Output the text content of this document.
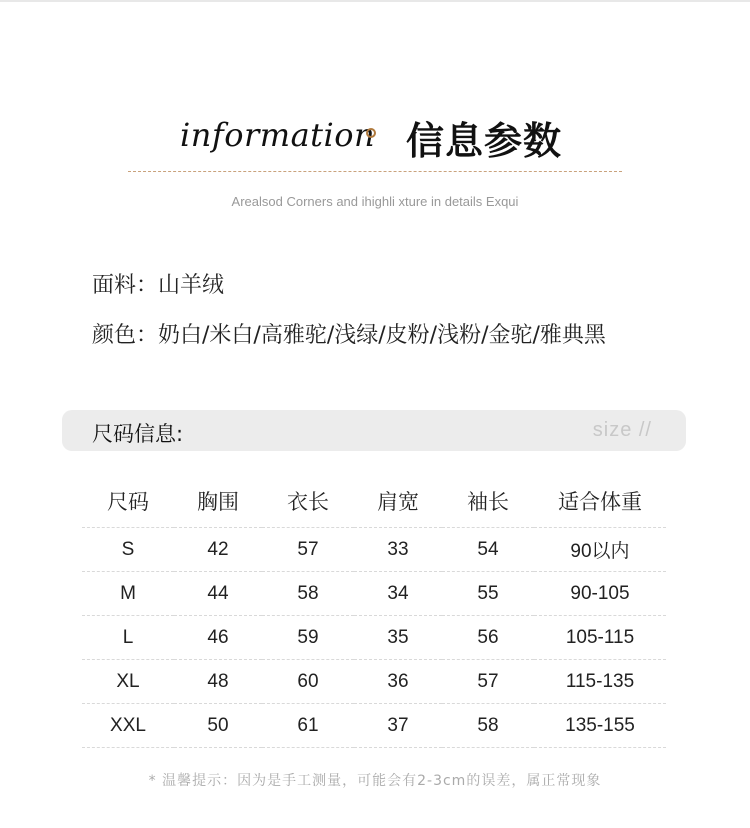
information 信息参数
Arealsod Corners and ihighli xture in details Exqui
面料：山羊绒
颜色：奶白/米白/高雅驼/浅绿/皮粉/浅粉/金驼/雅典黑
尺码信息:	size //
尺码	胸围	衣长	肩宽	袖长	适合体重
S	42	57	33	54	90以内
M	44	58	34	55	90-105
L	46	59	35	56	105-115
XL	48	60	36	57	115-135
XXL	50	61	37	58	135-155
* 温馨提示：因为是手工测量，可能会有2-3cm的误差，属正常现象
